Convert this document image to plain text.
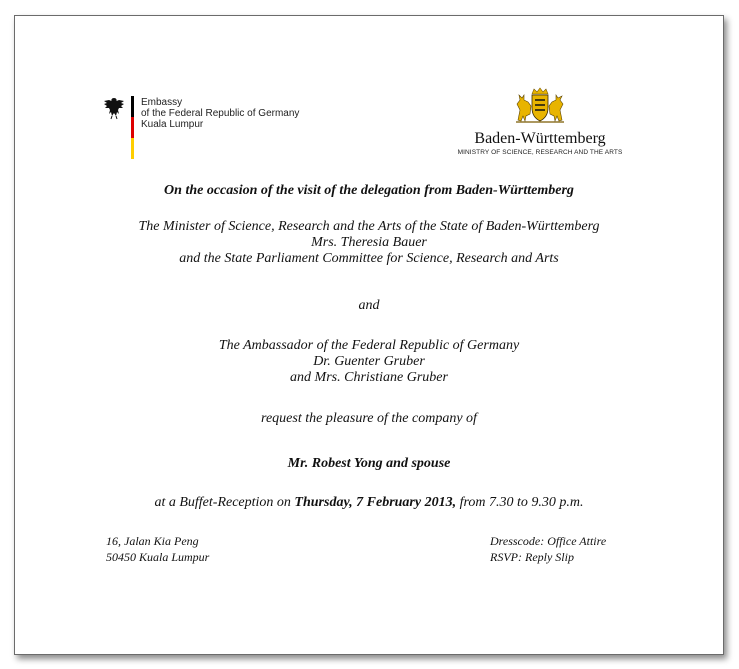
Embassy
of the Federal Republic of Germany
Kuala Lumpur
Baden-Württemberg
MINISTRY OF SCIENCE, RESEARCH AND THE ARTS
On the occasion of the visit of the delegation from Baden-Württemberg
The Minister of Science, Research and the Arts of the State of Baden-Württemberg
Mrs. Theresia Bauer
and the State Parliament Committee for Science, Research and Arts
and
The Ambassador of the Federal Republic of Germany
Dr. Guenter Gruber
and Mrs. Christiane Gruber
request the pleasure of the company of
Mr. Robest Yong and spouse
at a Buffet-Reception on Thursday, 7 February 2013, from 7.30 to 9.30 p.m.
16, Jalan Kia Peng
50450 Kuala Lumpur
Dresscode: Office Attire
RSVP: Reply Slip
